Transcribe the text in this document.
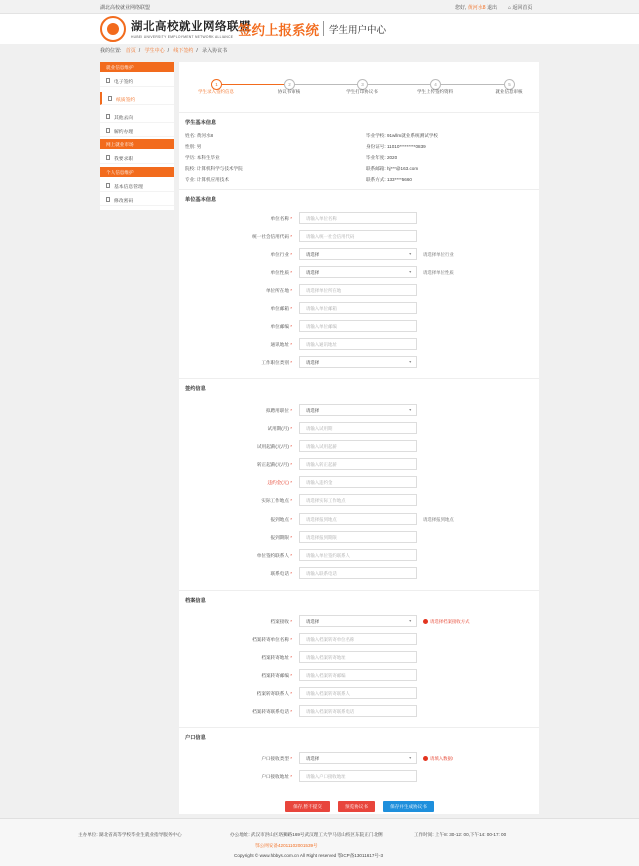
湖北高校就业网络联盟	您好, 黄河水8 退出 ⌂ 返回首页
湖北高校就业网络联盟
HUBEI UNIVERSITY EMPLOYMENT NETWORK ALLIANCE 签约上报系统 学生用户中心
我的位置: 首页 / 学生中心 / 线下签约 / 录入协议书
就业信息维护
电子签约
纸质签约
其他去向
解约办理
网上就业市场
我要求职
个人信息维护
基本信息管理
修改密码
1	2	3	4	5
学生录入签约信息	协议书审核	学生打印协议书	学生上传签约资料	就业信息审核
学生基本信息
姓名: 黄河水8	毕业学校: 91wllm就业系统测试学校
性别: 男	身份证号: 11010*********0839
学历: 本科生毕业	毕业年度: 2020
院校: 计算机科学与技术学院	联系邮箱: hj***@163.com
专业: 计算机应用技术	联系方式: 133****5660
单位基本信息
单位名称 *	请输入单位名称
统一社会信用代码 *	请输入统一社会信用代码
单位行业 *	请选择	▼	请选择单位行业
单位性质 *	请选择	▼	请选择单位性质
单位所在地 *	请选择单位所在地
单位邮箱 *	请输入单位邮箱
单位邮编 *	请输入单位邮编
通讯地址 *	请输入通讯地址
工作职位类别 *	请选择	▼
签约信息
拟聘用职位 *	请选择	▼
试用期(月) *	请输入试用期
试用起薪(元/月) *	请输入试用起薪
转正起薪(元/月) *	请输入转正起薪
违约金(元) *	请输入违约金
实际工作地点 *	请选择实际工作地点
报到地点 *	请选择报到地点	请选择报到地点
报到期限 *	请选择报到期限
单位签约联系人 *	请输入单位签约联系人
联系电话 *	请输入联系电话
档案信息
档案接收 *	请选择	▼	请选择档案接收方式
档案转寄单位名称 *	请输入档案转寄单位名称
档案转寄地址 *	请输入档案转寄地址
档案转寄邮编 *	请输入档案转寄邮编
档案转寄联系人 *	请输入档案转寄联系人
档案转寄联系电话 *	请输入档案转寄联系电话
户口信息
户口接收类型 *	请选择	▼	请填入数据!
户口接收地址 *	请输入户口接收地址
保存,暂不提交	预览协议书	保存并生成协议书
主办单位: 湖北省高等学校毕业生就业指导服务中心	办公地址: 武汉市洪山区珞狮路169号武汉理工大学马房山校区东院正门北侧	工作时间: 上午8: 30-12: 00,下午14: 00-17: 00
鄂公网安备42011102001539号
Copyright © www.hbbys.com.cn All Right reserved 鄂ICP备13011617号-3
